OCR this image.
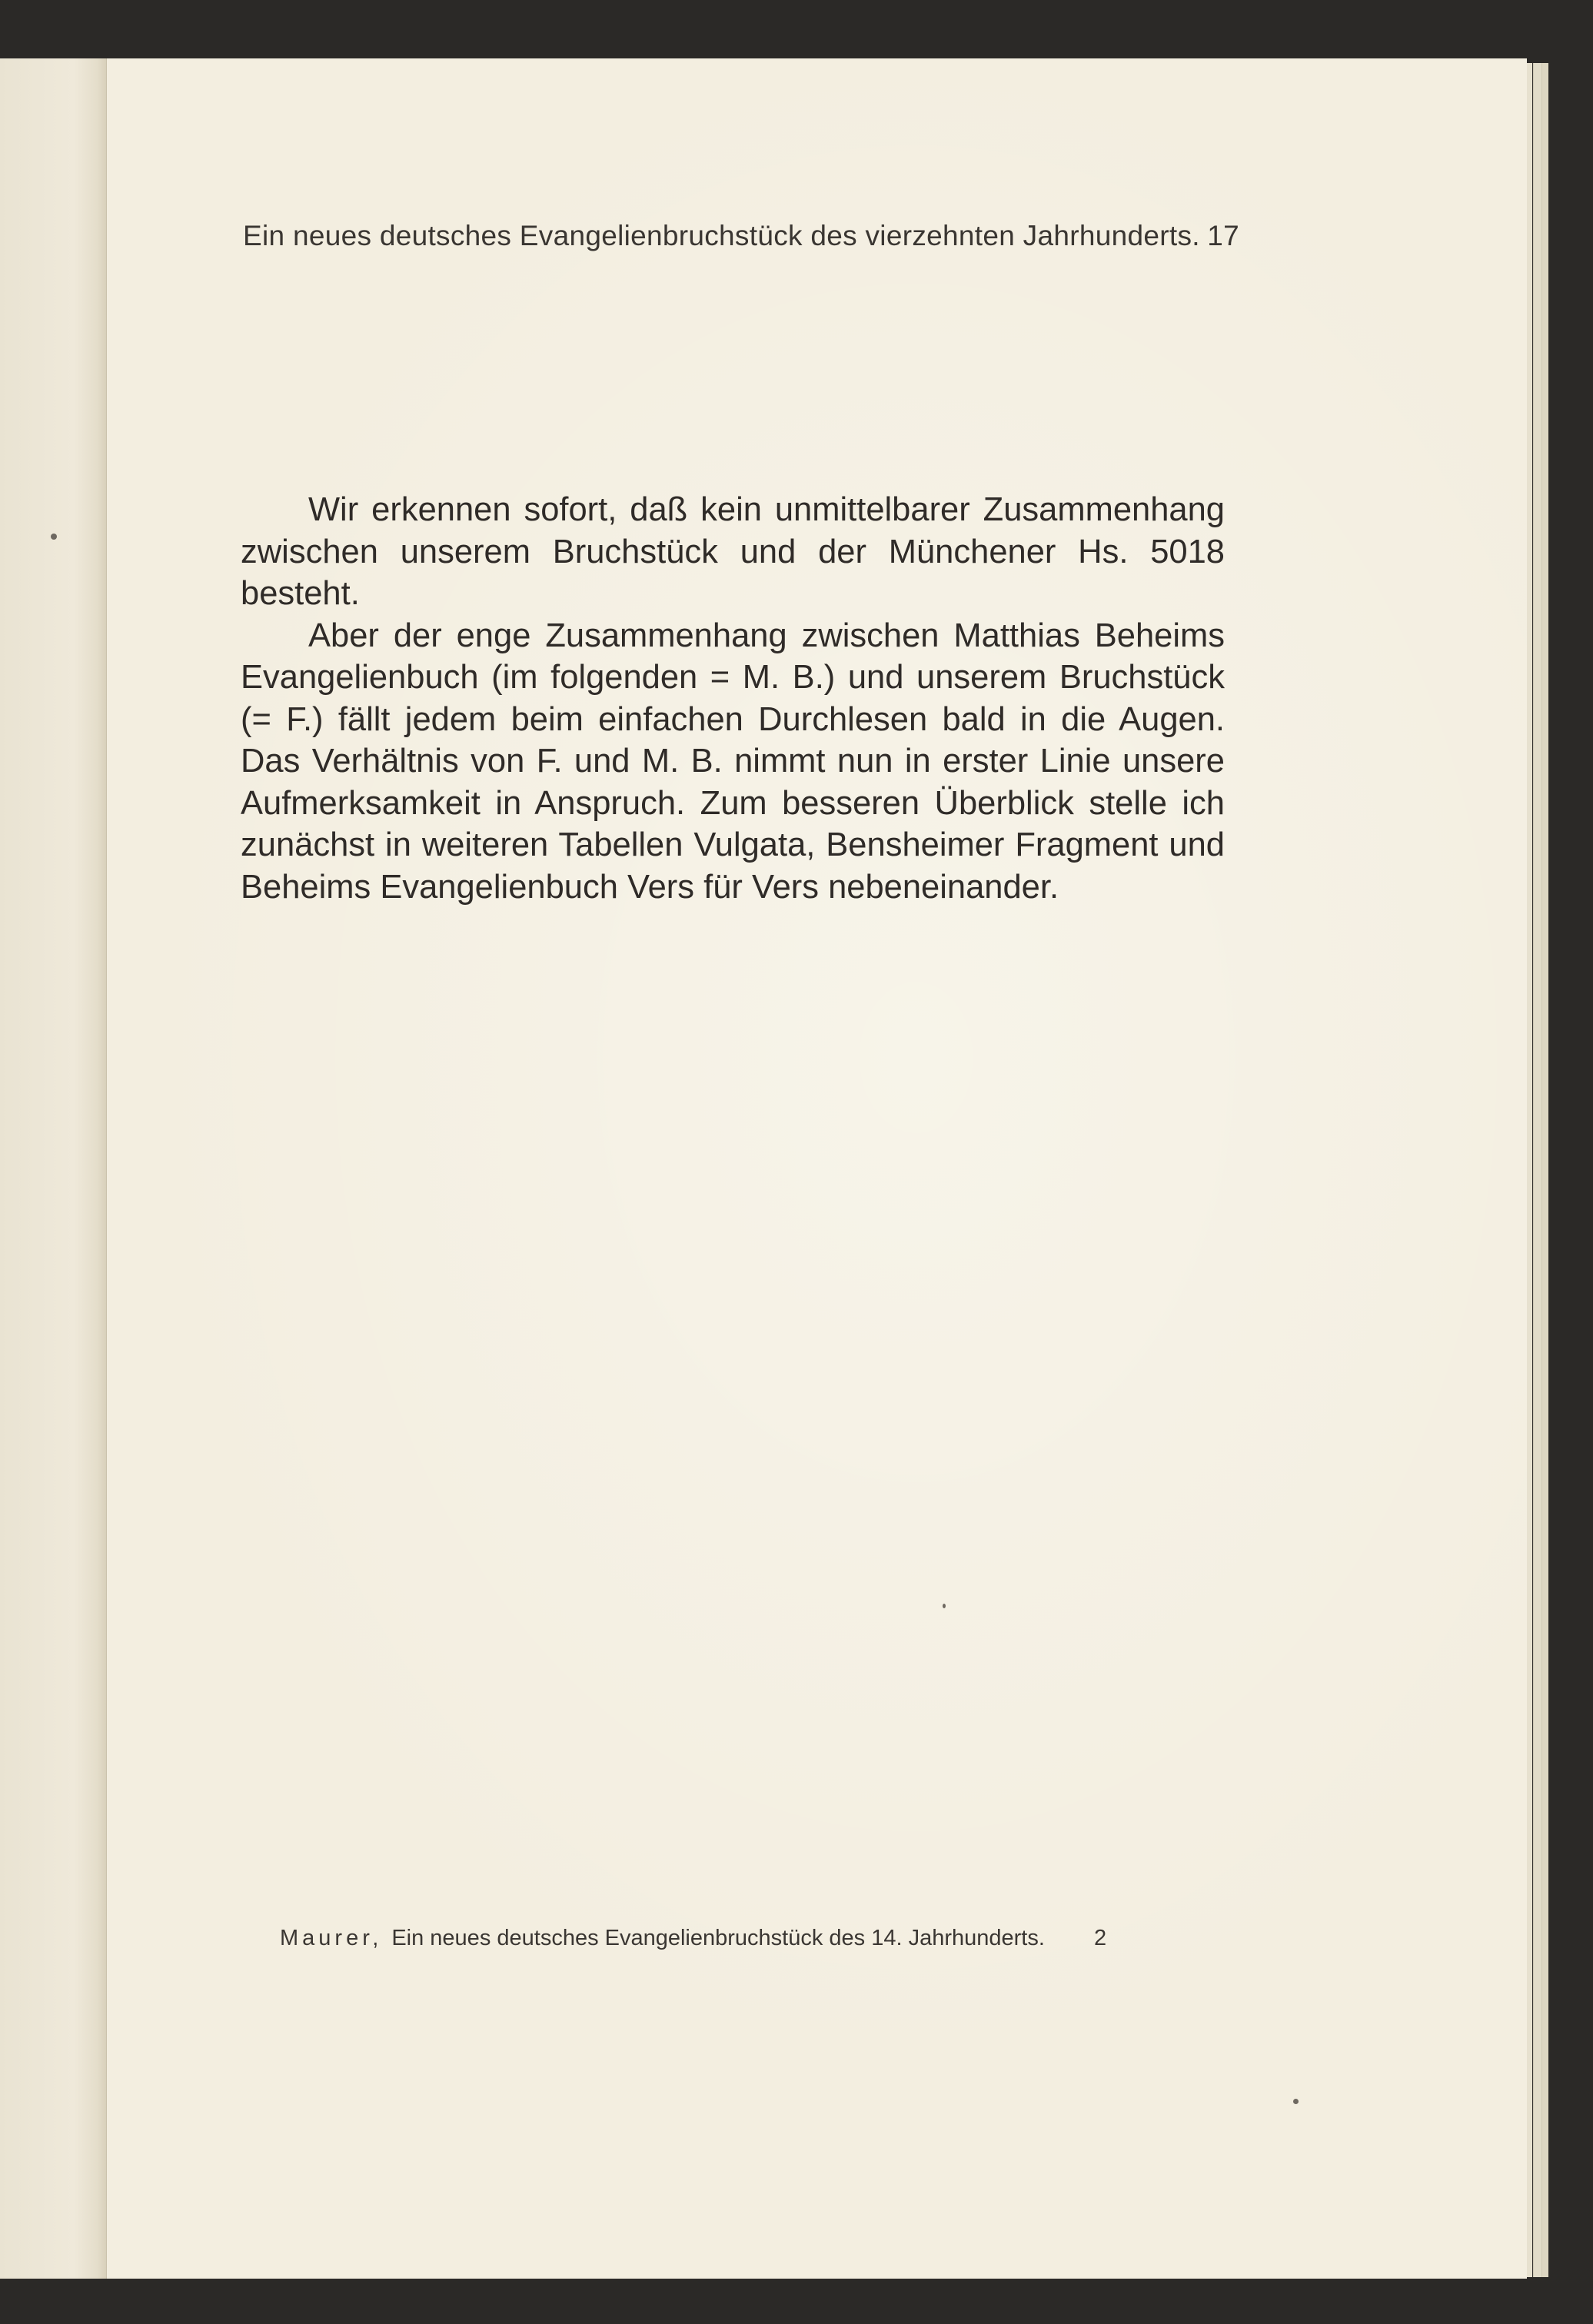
Ein neues deutsches Evangelienbruchstück des vierzehnten Jahrhunderts. 17

Wir erkennen sofort, daß kein unmittelbarer Zusammenhang zwischen unserem Bruchstück und der Münchener Hs. 5018 besteht.

Aber der enge Zusammenhang zwischen Matthias Beheims Evangelienbuch (im folgenden = M. B.) und unserem Bruchstück (= F.) fällt jedem beim einfachen Durchlesen bald in die Augen. Das Verhältnis von F. und M. B. nimmt nun in erster Linie unsere Aufmerksamkeit in Anspruch. Zum besseren Überblick stelle ich zunächst in weiteren Tabellen Vulgata, Bensheimer Fragment und Beheims Evangelienbuch Vers für Vers nebeneinander.

Maurer, Ein neues deutsches Evangelienbruchstück des 14. Jahrhunderts. 2
